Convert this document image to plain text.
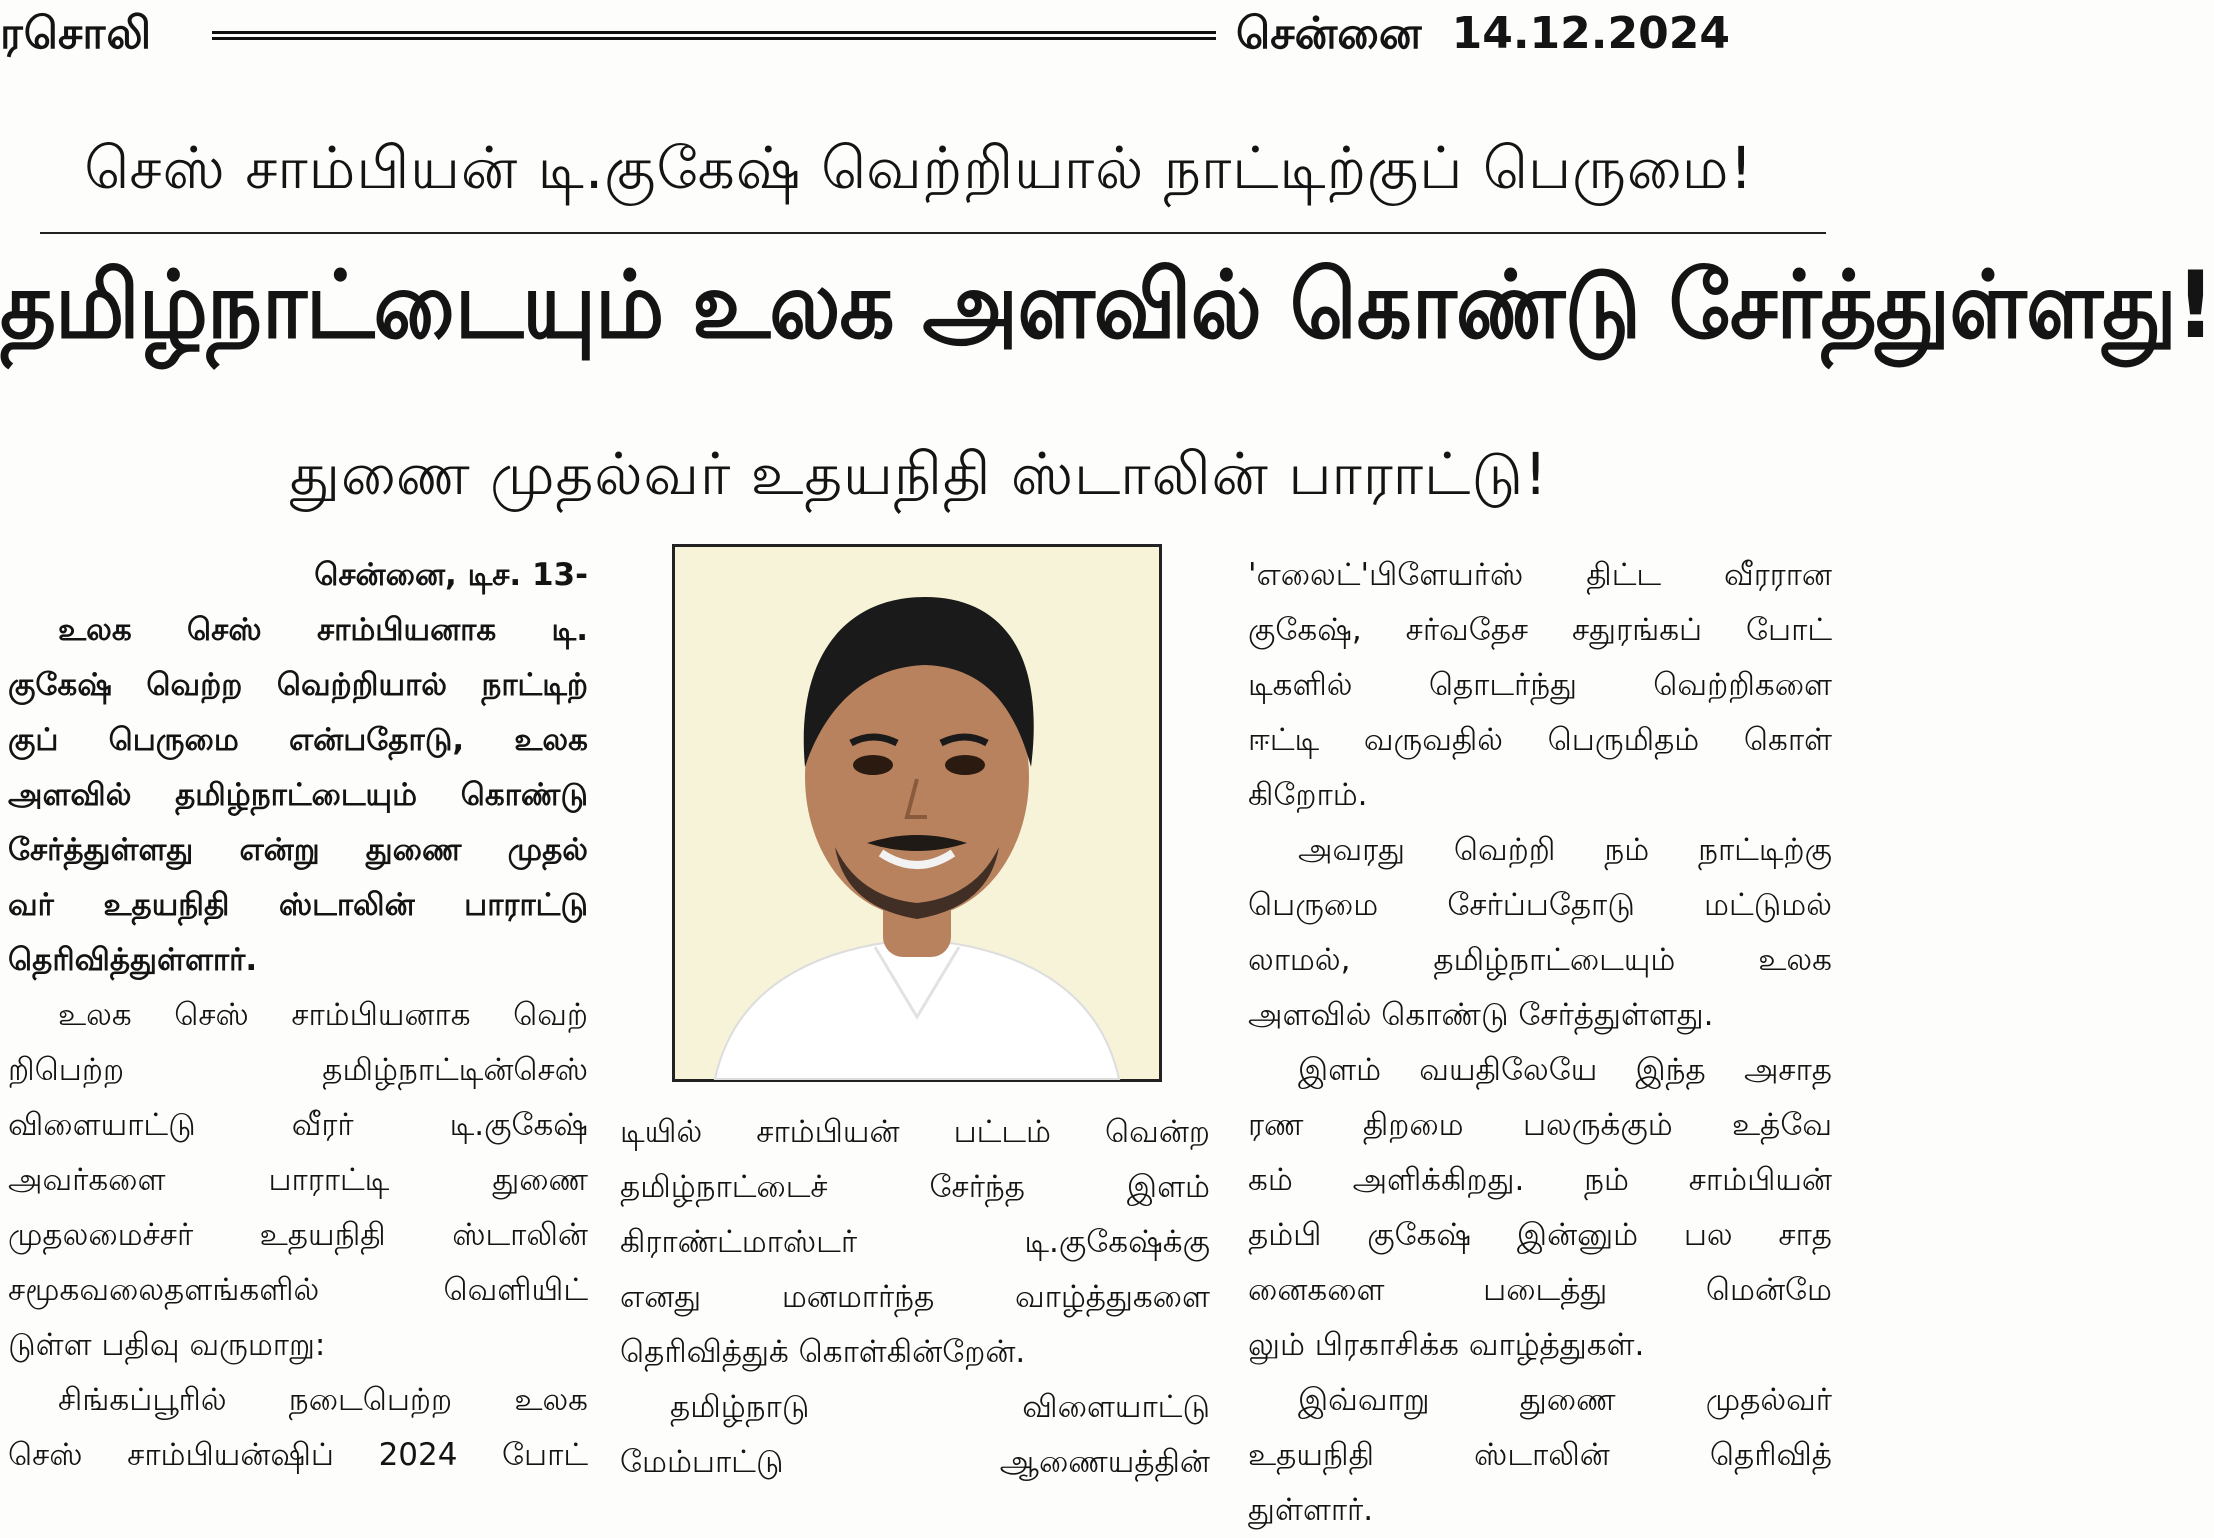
ரசொலி	சென்னை 14.12.2024
செஸ் சாம்பியன் டி.குகேஷ் வெற்றியால் நாட்டிற்குப் பெருமை!
தமிழ்நாட்டையும் உலக அளவில் கொண்டு சேர்த்துள்ளது!
துணை முதல்வர் உதயநிதி ஸ்டாலின் பாராட்டு!

சென்னை, டிச. 13-

உலக செஸ் சாம்பியனாக டி.

குகேஷ் வெற்ற வெற்றியால் நாட்டிற்

குப் பெருமை என்பதோடு, உலக

அளவில் தமிழ்நாட்டையும் கொண்டு

சேர்த்துள்ளது என்று துணை முதல்

வர் உதயநிதி ஸ்டாலின் பாராட்டு

தெரிவித்துள்ளார்.

உலக செஸ் சாம்பியனாக வெற்

றிபெற்ற தமிழ்நாட்டின்செஸ்

விளையாட்டு வீரர் டி.குகேஷ்

அவர்களை பாராட்டி துணை

முதலமைச்சர் உதயநிதி ஸ்டாலின்

சமூகவலைதளங்களில் வெளியிட்

டுள்ள பதிவு வருமாறு:

சிங்கப்பூரில் நடைபெற்ற உலக

செஸ் சாம்பியன்ஷிப் 2024 போட்

டியில் சாம்பியன் பட்டம் வென்ற

தமிழ்நாட்டைச் சேர்ந்த இளம்

கிராண்ட்மாஸ்டர் டி.குகேஷ்க்கு

எனது மனமார்ந்த வாழ்த்துகளை

தெரிவித்துக் கொள்கின்றேன்.

தமிழ்நாடு விளையாட்டு

மேம்பாட்டு ஆணையத்தின்

'எலைட்'பிளேயர்ஸ் திட்ட வீரரான

குகேஷ், சர்வதேச சதுரங்கப் போட்

டிகளில் தொடர்ந்து வெற்றிகளை

ஈட்டி வருவதில் பெருமிதம் கொள்

கிறோம்.

அவரது வெற்றி நம் நாட்டிற்கு

பெருமை சேர்ப்பதோடு மட்டுமல்

லாமல், தமிழ்நாட்டையும் உலக

அளவில் கொண்டு சேர்த்துள்ளது.

இளம் வயதிலேயே இந்த அசாத

ரண திறமை பலருக்கும் உத்வே

கம் அளிக்கிறது. நம் சாம்பியன்

தம்பி குகேஷ் இன்னும் பல சாத

னைகளை படைத்து மென்மே

லும் பிரகாசிக்க வாழ்த்துகள்.

இவ்வாறு துணை முதல்வர்

உதயநிதி ஸ்டாலின் தெரிவித்

துள்ளார்.
